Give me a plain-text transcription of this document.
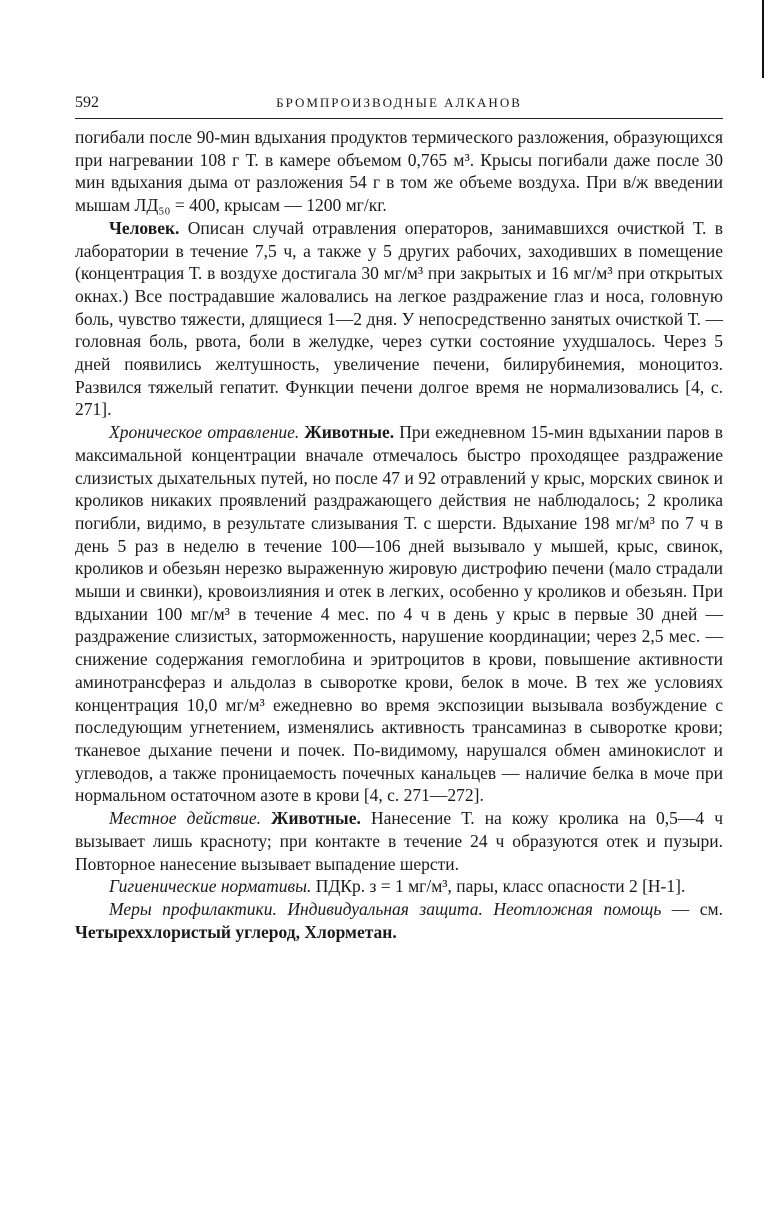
592	БРОМПРОИЗВОДНЫЕ АЛКАНОВ

погибали после 90-мин вдыхания продуктов термического разложения, образующихся при нагревании 108 г Т. в камере объемом 0,765 м³. Крысы погибали даже после 30 мин вдыхания дыма от разложения 54 г в том же объеме воздуха. При в/ж введении мышам ЛД₅₀ = 400, крысам — 1200 мг/кг.

Человек. Описан случай отравления операторов, занимавшихся очисткой Т. в лаборатории в течение 7,5 ч, а также у 5 других рабочих, заходивших в помещение (концентрация Т. в воздухе достигала 30 мг/м³ при закрытых и 16 мг/м³ при открытых окнах.) Все пострадавшие жаловались на легкое раздражение глаз и носа, головную боль, чувство тяжести, длящиеся 1—2 дня. У непосредственно занятых очисткой Т. — головная боль, рвота, боли в желудке, через сутки состояние ухудшалось. Через 5 дней появились желтушность, увеличение печени, билирубинемия, моноцитоз. Развился тяжелый гепатит. Функции печени долгое время не нормализовались [4, с. 271].

Хроническое отравление. Животные. При ежедневном 15-мин вдыхании паров в максимальной концентрации вначале отмечалось быстро проходящее раздражение слизистых дыхательных путей, но после 47 и 92 отравлений у крыс, морских свинок и кроликов никаких проявлений раздражающего действия не наблюдалось; 2 кролика погибли, видимо, в результате слизывания Т. с шерсти. Вдыхание 198 мг/м³ по 7 ч в день 5 раз в неделю в течение 100—106 дней вызывало у мышей, крыс, свинок, кроликов и обезьян нерезко выраженную жировую дистрофию печени (мало страдали мыши и свинки), кровоизлияния и отек в легких, особенно у кроликов и обезьян. При вдыхании 100 мг/м³ в течение 4 мес. по 4 ч в день у крыс в первые 30 дней — раздражение слизистых, заторможенность, нарушение координации; через 2,5 мес. — снижение содержания гемоглобина и эритроцитов в крови, повышение активности аминотрансфераз и альдолаз в сыворотке крови, белок в моче. В тех же условиях концентрация 10,0 мг/м³ ежедневно во время экспозиции вызывала возбуждение с последующим угнетением, изменялись активность трансаминаз в сыворотке крови; тканевое дыхание печени и почек. По-видимому, нарушался обмен аминокислот и углеводов, а также проницаемость почечных канальцев — наличие белка в моче при нормальном остаточном азоте в крови [4, с. 271—272].

Местное действие. Животные. Нанесение Т. на кожу кролика на 0,5—4 ч вызывает лишь красноту; при контакте в течение 24 ч образуются отек и пузыри. Повторное нанесение вызывает выпадение шерсти.

Гигиенические нормативы. ПДКр. з = 1 мг/м³, пары, класс опасности 2 [Н-1].

Меры профилактики. Индивидуальная защита. Неотложная помощь — см. Четыреххлористый углерод, Хлорметан.
